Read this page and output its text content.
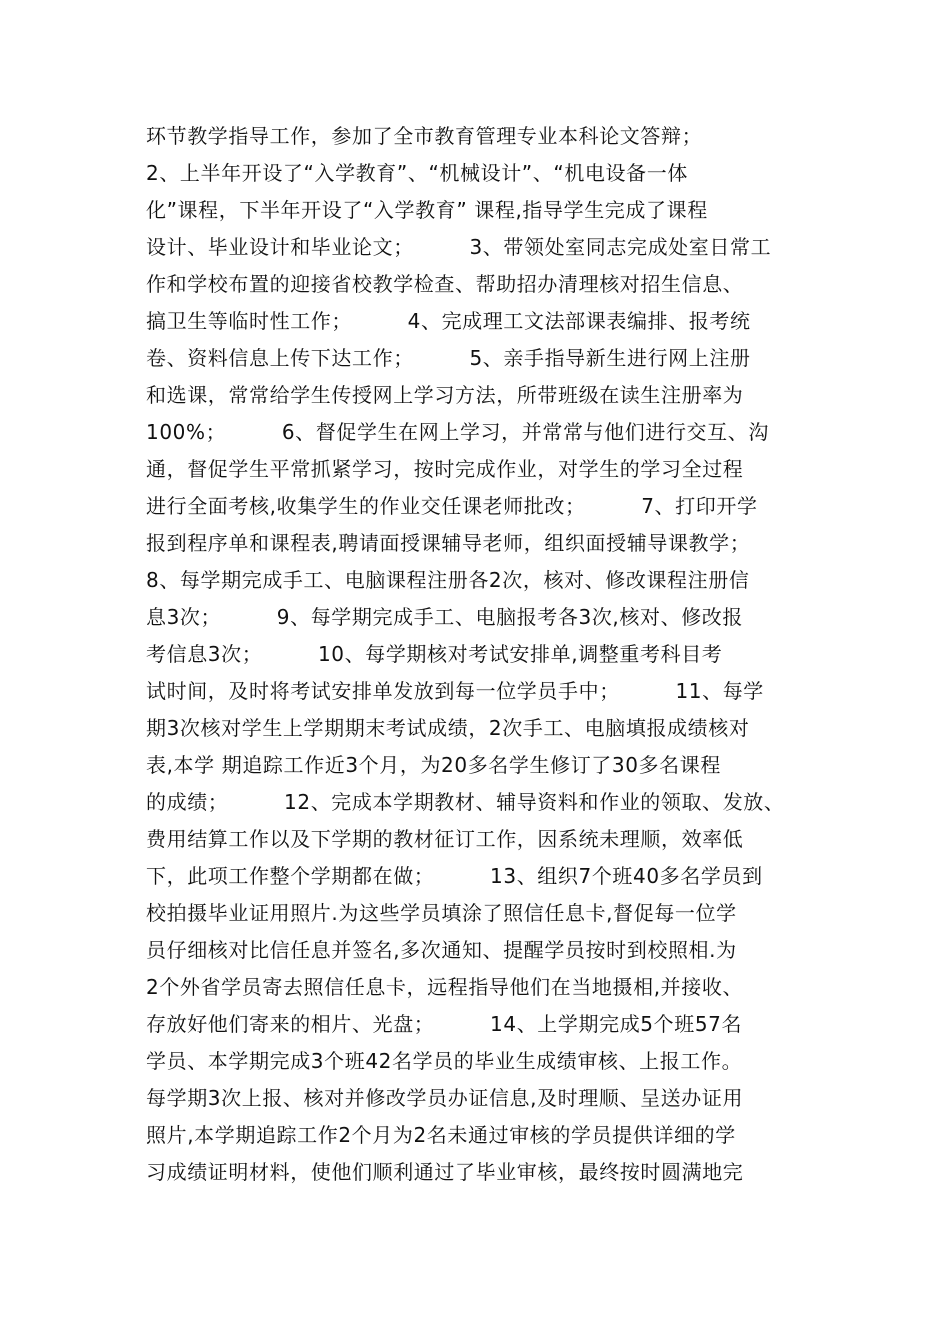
环节教学指导工作，参加了全市教育管理专业本科论文答辩；
2、上半年开设了“入学教育”、“机械设计”、“机电设备一体
化”课程，下半年开设了“入学教育” 课程,指导学生完成了课程
设计、毕业设计和毕业论文；        3、带领处室同志完成处室日常工
作和学校布置的迎接省校教学检查、帮助招办清理核对招生信息、
搞卫生等临时性工作；        4、完成理工文法部课表编排、报考统
卷、资料信息上传下达工作；        5、亲手指导新生进行网上注册
和选课，常常给学生传授网上学习方法，所带班级在读生注册率为
100%；        6、督促学生在网上学习，并常常与他们进行交互、沟
通，督促学生平常抓紧学习，按时完成作业，对学生的学习全过程
进行全面考核,收集学生的作业交任课老师批改；        7、打印开学
报到程序单和课程表,聘请面授课辅导老师，组织面授辅导课教学；
8、每学期完成手工、电脑课程注册各2次，核对、修改课程注册信
息3次；        9、每学期完成手工、电脑报考各3次,核对、修改报
考信息3次；        10、每学期核对考试安排单,调整重考科目考
试时间，及时将考试安排单发放到每一位学员手中；        11、每学
期3次核对学生上学期期末考试成绩，2次手工、电脑填报成绩核对
表,本学 期追踪工作近3个月，为20多名学生修订了30多名课程
的成绩；        12、完成本学期教材、辅导资料和作业的领取、发放、
费用结算工作以及下学期的教材征订工作，因系统未理顺，效率低
下，此项工作整个学期都在做；        13、组织7个班40多名学员到
校拍摄毕业证用照片.为这些学员填涂了照信任息卡,督促每一位学
员仔细核对比信任息并签名,多次通知、提醒学员按时到校照相.为
2个外省学员寄去照信任息卡，远程指导他们在当地摄相,并接收、
存放好他们寄来的相片、光盘；        14、上学期完成5个班57名
学员、本学期完成3个班42名学员的毕业生成绩审核、上报工作。
每学期3次上报、核对并修改学员办证信息,及时理顺、呈送办证用
照片,本学期追踪工作2个月为2名未通过审核的学员提供详细的学
习成绩证明材料，使他们顺利通过了毕业审核，最终按时圆满地完
